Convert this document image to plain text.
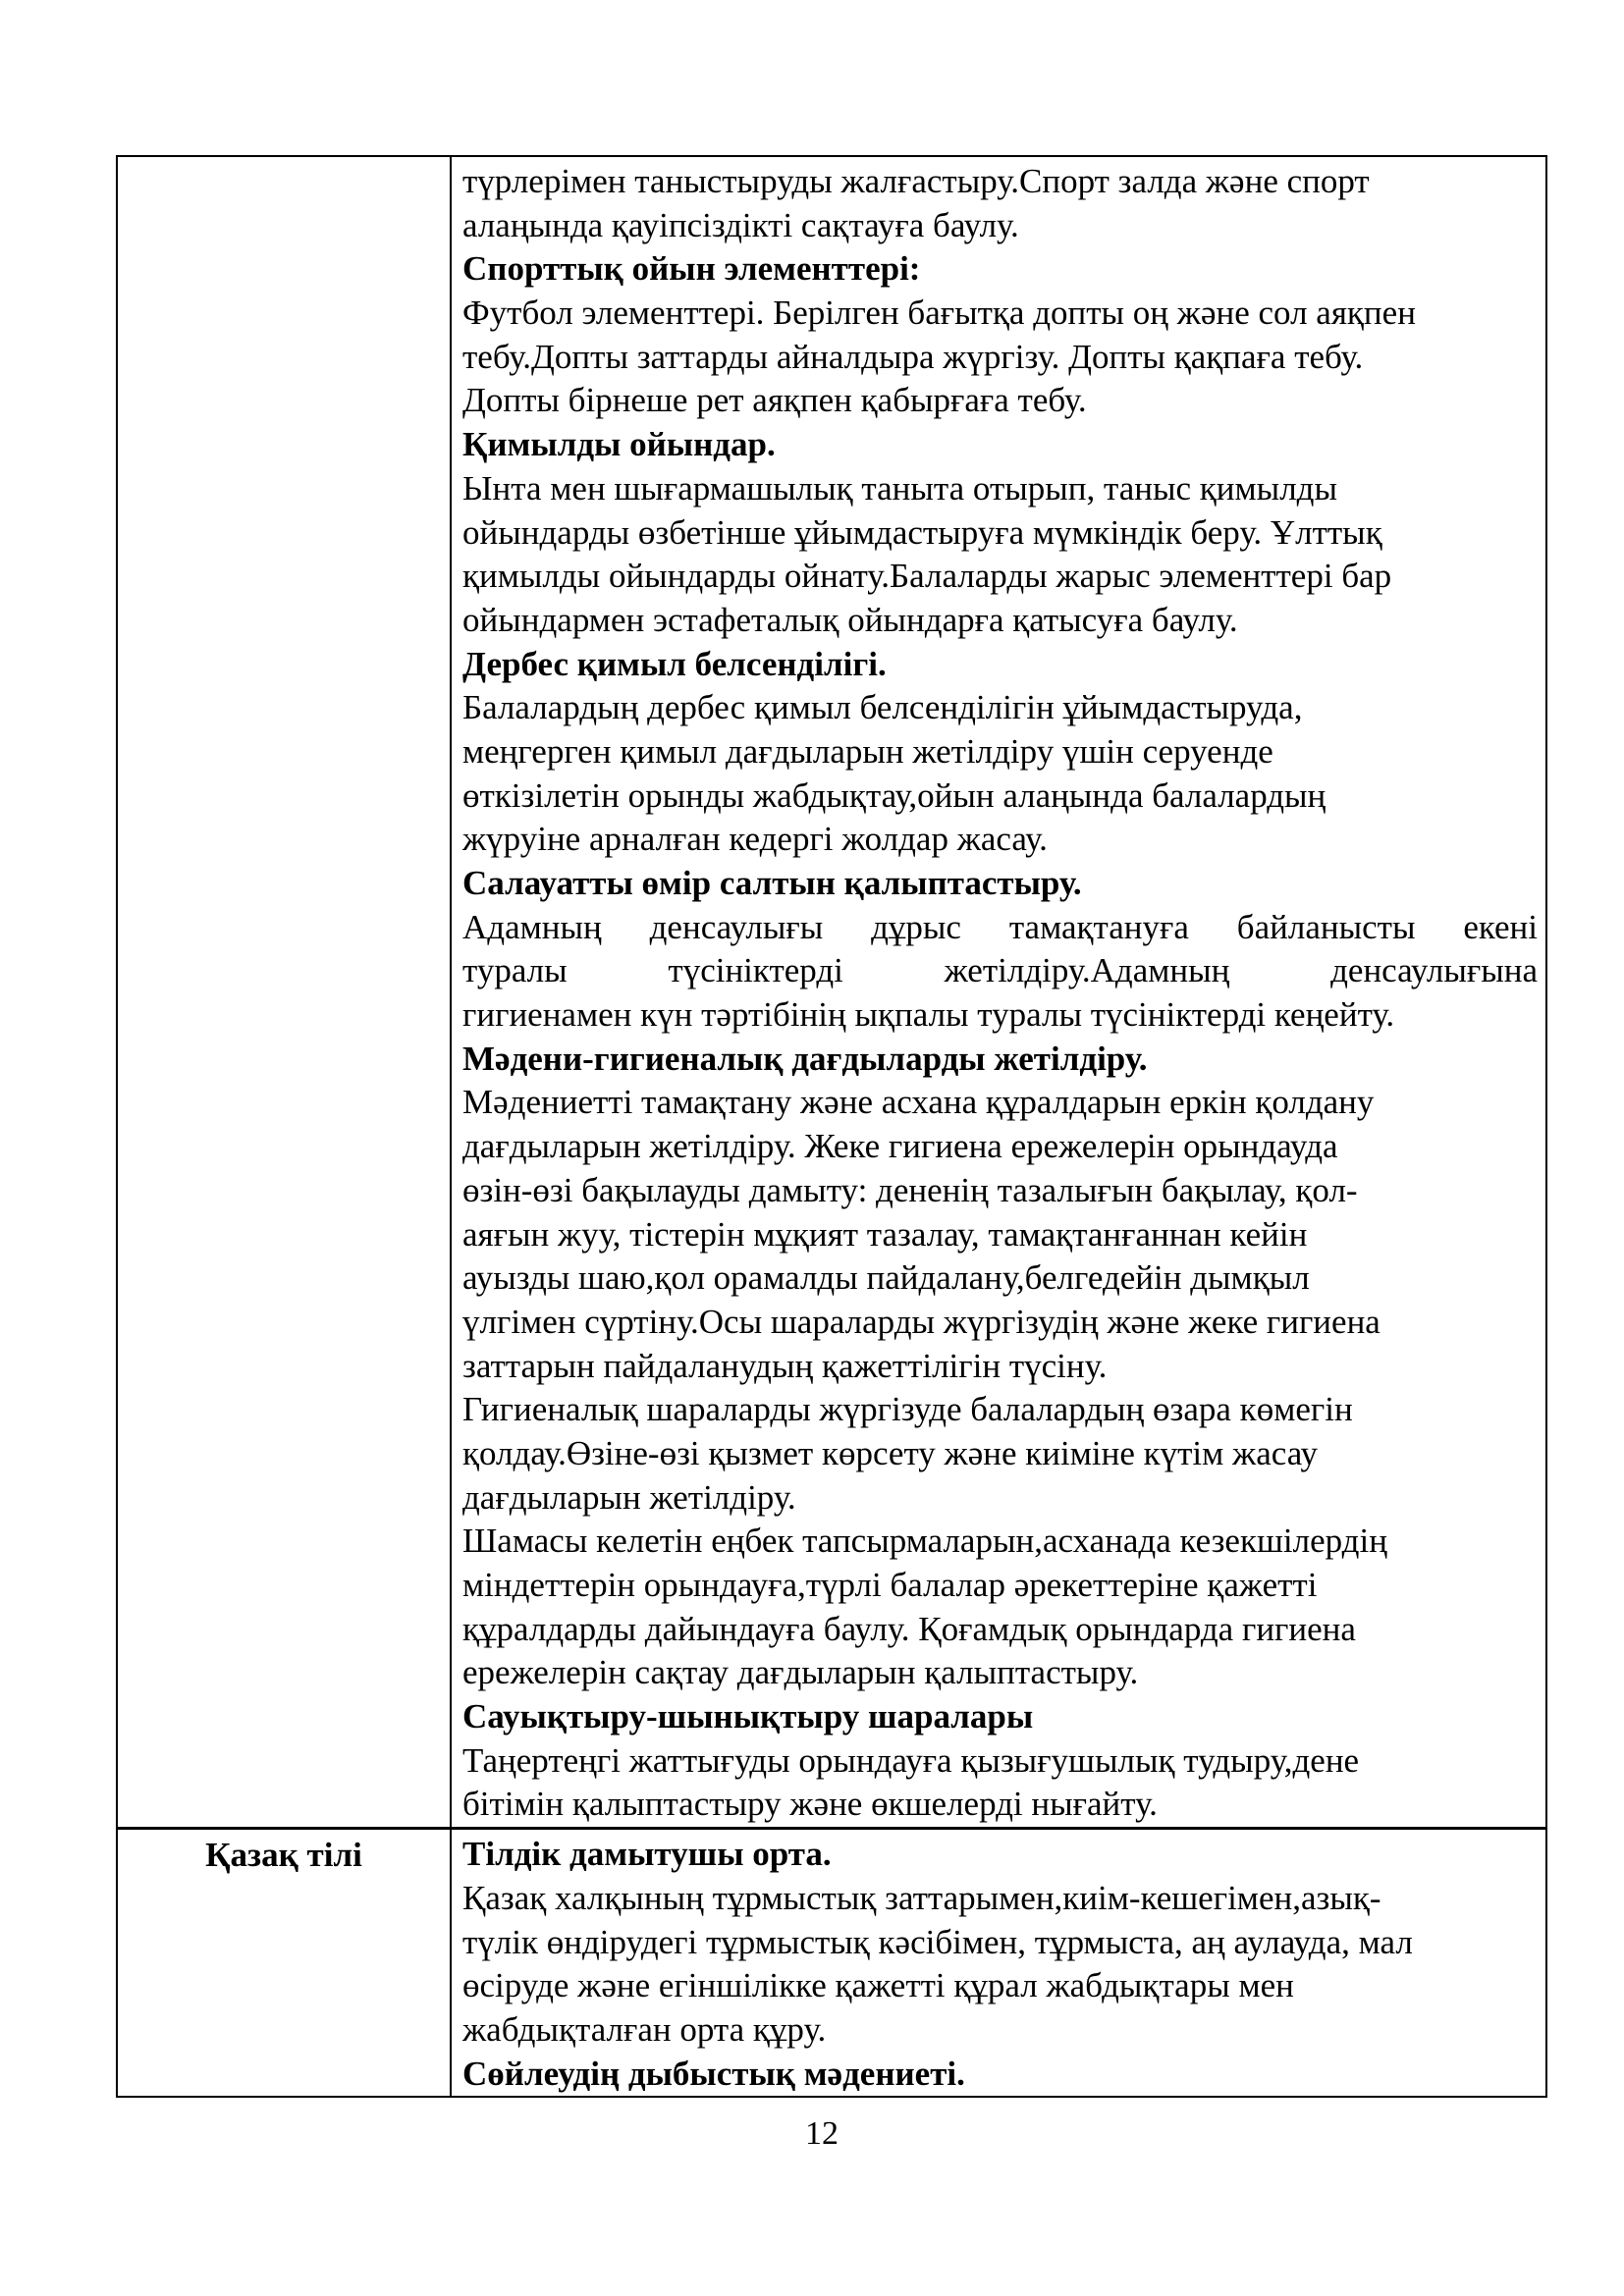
түрлерімен таныстыруды жалғастыру.Спорт залда және спорт
алаңында қауіпсіздікті сақтауға баулу.
Спорттық ойын элементтері:
Футбол элементтері. Берілген бағытқа допты оң және сол аяқпен
тебу.Допты заттарды айналдыра жүргізу. Допты қақпаға тебу.
Допты бірнеше рет аяқпен қабырғаға тебу.
Қимылды ойындар.
Ынта мен шығармашылық таныта отырып, таныс қимылды
ойындарды өзбетінше ұйымдастыруға мүмкіндік беру. Ұлттық
қимылды ойындарды ойнату.Балаларды жарыс элементтері бар
ойындармен эстафеталық ойындарға қатысуға баулу.
Дербес қимыл белсенділігі.
Балалардың дербес қимыл белсенділігін ұйымдастыруда,
меңгерген қимыл дағдыларын жетілдіру үшін серуенде
өткізілетін орынды жабдықтау,ойын алаңында балалардың
жүруіне арналған кедергі жолдар жасау.
Салауатты өмір салтын қалыптастыру.
Адамның денсаулығы дұрыс тамақтануға байланысты екені
туралы түсініктерді жетілдіру.Адамның денсаулығына
гигиенамен күн тәртібінің ықпалы туралы түсініктерді кеңейту.
Мәдени-гигиеналық дағдыларды жетілдіру.
Мәдениетті тамақтану және асхана құралдарын еркін қолдану
дағдыларын жетілдіру. Жеке гигиена ережелерін орындауда
өзін-өзі бақылауды дамыту: дененің тазалығын бақылау, қол-
аяғын жуу, тістерін мұқият тазалау, тамақтанғаннан кейін
ауызды шаю,қол орамалды пайдалану,белгедейін дымқыл
үлгімен сүртіну.Осы шараларды жүргізудің және жеке гигиена
заттарын пайдаланудың қажеттілігін түсіну.
Гигиеналық шараларды жүргізуде балалардың өзара көмегін
қолдау.Өзіне-өзі қызмет көрсету және киіміне күтім жасау
дағдыларын жетілдіру.
Шамасы келетін еңбек тапсырмаларын,асханада кезекшілердің
міндеттерін орындауға,түрлі балалар әрекеттеріне қажетті
құралдарды дайындауға баулу. Қоғамдық орындарда гигиена
ережелерін сақтау дағдыларын қалыптастыру.
Сауықтыру-шынықтыру шаралары
Таңертеңгі жаттығуды орындауға қызығушылық тудыру,дене
бітімін қалыптастыру және өкшелерді нығайту.
Қазақ тілі	Тілдік дамытушы орта.
Қазақ халқының тұрмыстық заттарымен,киім-кешегімен,азық-
түлік өндірудегі тұрмыстық кәсібімен, тұрмыста, аң аулауда, мал
өсіруде және егіншілікке қажетті құрал жабдықтары мен
жабдықталған орта құру.
Сөйлеудің дыбыстық мәдениеті.
12
